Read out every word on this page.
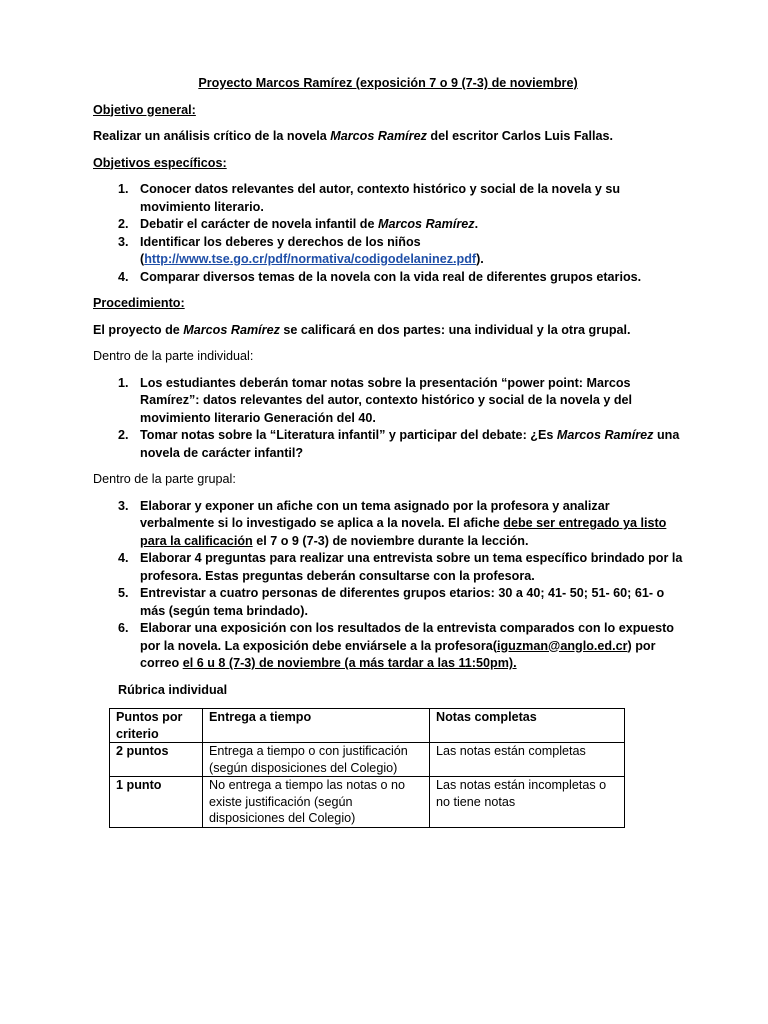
Proyecto Marcos Ramírez (exposición 7 o 9 (7-3) de noviembre)

Objetivo general:

Realizar un análisis crítico de la novela Marcos Ramírez del escritor Carlos Luis Fallas.

Objetivos específicos:

1. Conocer datos relevantes del autor, contexto histórico y social de la novela y su movimiento literario.
2. Debatir el carácter de novela infantil de Marcos Ramírez.
3. Identificar los deberes y derechos de los niños
(http://www.tse.go.cr/pdf/normativa/codigodelaninez.pdf).
4. Comparar diversos temas de la novela con la vida real de diferentes grupos etarios.

Procedimiento:

El proyecto de Marcos Ramírez se calificará en dos partes: una individual y la otra grupal.

Dentro de la parte individual:

1. Los estudiantes deberán tomar notas sobre la presentación “power point: Marcos Ramírez”: datos relevantes del autor, contexto histórico y social de la novela y del movimiento literario Generación del 40.
2. Tomar notas sobre la “Literatura infantil” y participar del debate: ¿Es Marcos Ramírez una novela de carácter infantil?

Dentro de la parte grupal:

3. Elaborar y exponer un afiche con un tema asignado por la profesora y analizar verbalmente si lo investigado se aplica a la novela. El afiche debe ser entregado ya listo para la calificación el 7 o 9 (7-3) de noviembre durante la lección.
4. Elaborar 4 preguntas para realizar una entrevista sobre un tema específico brindado por la profesora. Estas preguntas deberán consultarse con la profesora.
5. Entrevistar a cuatro personas de diferentes grupos etarios: 30 a 40; 41- 50; 51- 60; 61- o más (según tema brindado).
6. Elaborar una exposición con los resultados de la entrevista comparados con lo expuesto por la novela. La exposición debe enviársele a la profesora(iguzman@anglo.ed.cr) por correo el 6 u 8 (7-3) de noviembre (a más tardar a las 11:50pm).

Rúbrica individual

Puntos por criterio	Entrega a tiempo	Notas completas
2 puntos	Entrega a tiempo o con justificación (según disposiciones del Colegio)	Las notas están completas
1 punto	No entrega a tiempo las notas o no existe justificación (según disposiciones del Colegio)	Las notas están incompletas o no tiene notas
